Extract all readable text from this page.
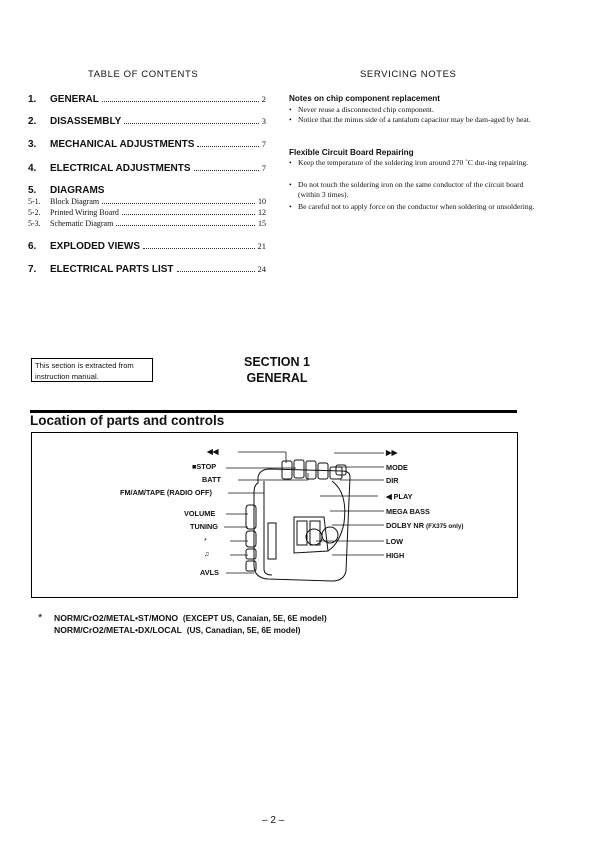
TABLE OF CONTENTS
1.	GENERAL	2
2.	DISASSEMBLY	3
3.	MECHANICAL ADJUSTMENTS	7
4.	ELECTRICAL ADJUSTMENTS	7
5.	DIAGRAMS
5-1.	Block Diagram	10
5-2.	Printed Wiring Board	12
5-3.	Schematic Diagram	15
6.	EXPLODED VIEWS	21
7.	ELECTRICAL PARTS LIST	24
SERVICING NOTES
Notes on chip component replacement
• Never reuse a disconnected chip component.
• Notice that the minus side of a tantalum capacitor may be dam-aged by heat.
Flexible Circuit Board Repairing
• Keep the temperature of the soldering iron around 270 ˚C dur-ing repairing.
• Do not touch the soldering iron on the same conductor of the circuit board (within 3 times).
• Be careful not to apply force on the conductor when soldering or unsoldering.
This section is extracted from instruction manual.
SECTION 1
GENERAL
Location of parts and controls
◀◀
■STOP
BATT
FM/AM/TAPE (RADIO OFF)
VOLUME
TUNING
*
♫
AVLS
▶▶
MODE
DIR
◀ PLAY
MEGA BASS
DOLBY NR (FX375 only)
LOW
HIGH
* NORM/CrO2/METAL•ST/MONO (EXCEPT US, Canaian, 5E, 6E model)
NORM/CrO2/METAL•DX/LOCAL (US, Canadian, 5E, 6E model)
– 2 –
